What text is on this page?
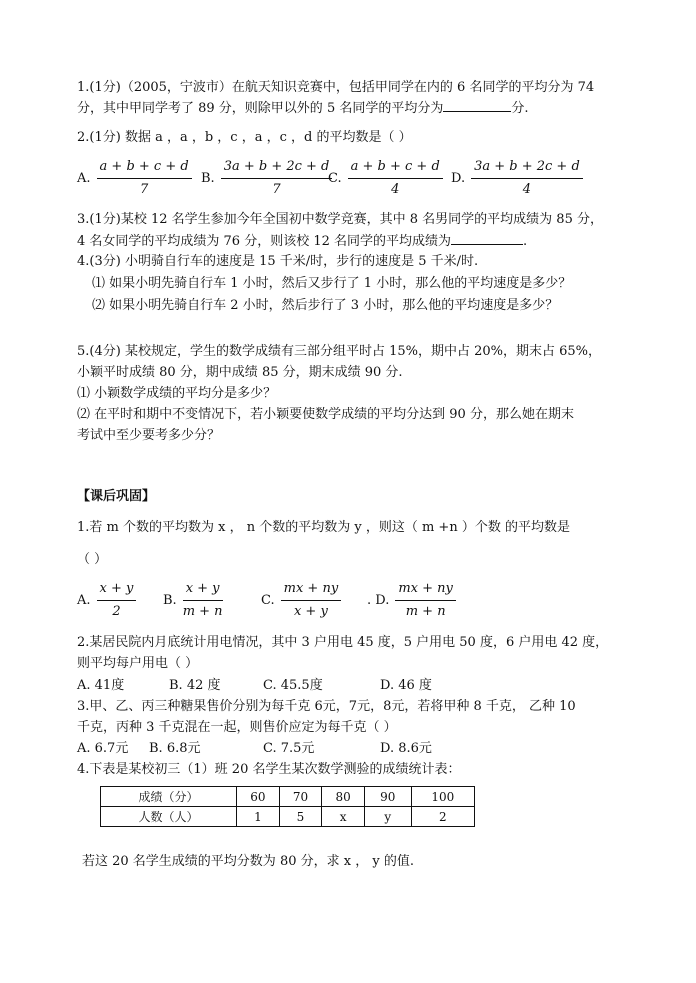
1.(1分)（2005，宁波市）在航天知识竞赛中，包括甲同学在内的 6 名同学的平均分为 74
分，其中甲同学考了 89 分，则除甲以外的 5 名同学的平均分为	分.
2.(1分) 数据 a ，a ，b ，c ，a ，c ，d 的平均数是（ ）
A. $\frac{a + b + c + d}{7} B$. $\frac{3a + b + 2c + d}{7}$
C. $\frac{a + b + c + d}{4} D$. $\frac{3a + b + 2c + d}{4}$
3.(1分)某校 12 名学生参加今年全国初中数学竞赛，其中 8 名男同学的平均成绩为 85 分，
4 名女同学的平均成绩为 76 分，则该校 12 名同学的平均成绩为	.
4.(3分) 小明骑自行车的速度是 15 千米/时，步行的速度是 5 千米/时.
⑴ 如果小明先骑自行车 1 小时，然后又步行了 1 小时，那么他的平均速度是多少？
⑵ 如果小明先骑自行车 2 小时，然后步行了 3 小时，那么他的平均速度是多少？
5.(4分) 某校规定，学生的数学成绩有三部分组平时占 15%，期中占 20%，期末占 65%，
小颖平时成绩 80 分，期中成绩 85 分，期末成绩 90 分.
⑴ 小颖数学成绩的平均分是多少？
⑵ 在平时和期中不变情况下，若小颖要使数学成绩的平均分达到 90 分，那么她在期末
考试中至少要考多少分？
【课后巩固】
1.若 m 个数的平均数为 x ， n 个数的平均数为 y ，则这（ m +n ）个数 的平均数是
（ ）
A. $\frac{x + y}{2} B$. $\frac{x + y}{m + n}$	C. $\frac{mx + ny}{x + y}$ . D. $\frac{mx + ny}{m + n}$
2.某居民院内月底统计用电情况，其中 3 户用电 45 度，5 户用电 50 度，6 户用电 42 度，
则平均每户用电（ ）
A. 41度	B. 42 度	C. 45.5度	D. 46 度
3.甲、乙、丙三种糖果售价分别为每千克 6元，7元，8元，若将甲种 8 千克， 乙种 10
千克，丙种 3 千克混在一起，则售价应定为每千克（ ）
A. 6.7元 B. 6.8元	C. 7.5元	D. 8.6元
4.下表是某校初三（1）班 20 名学生某次数学测验的成绩统计表：
成绩（分）	60	70	80	90	100
人数（人）	1	5	x	y	2
若这 20 名学生成绩的平均分数为 80 分，求 x ， y 的值.
